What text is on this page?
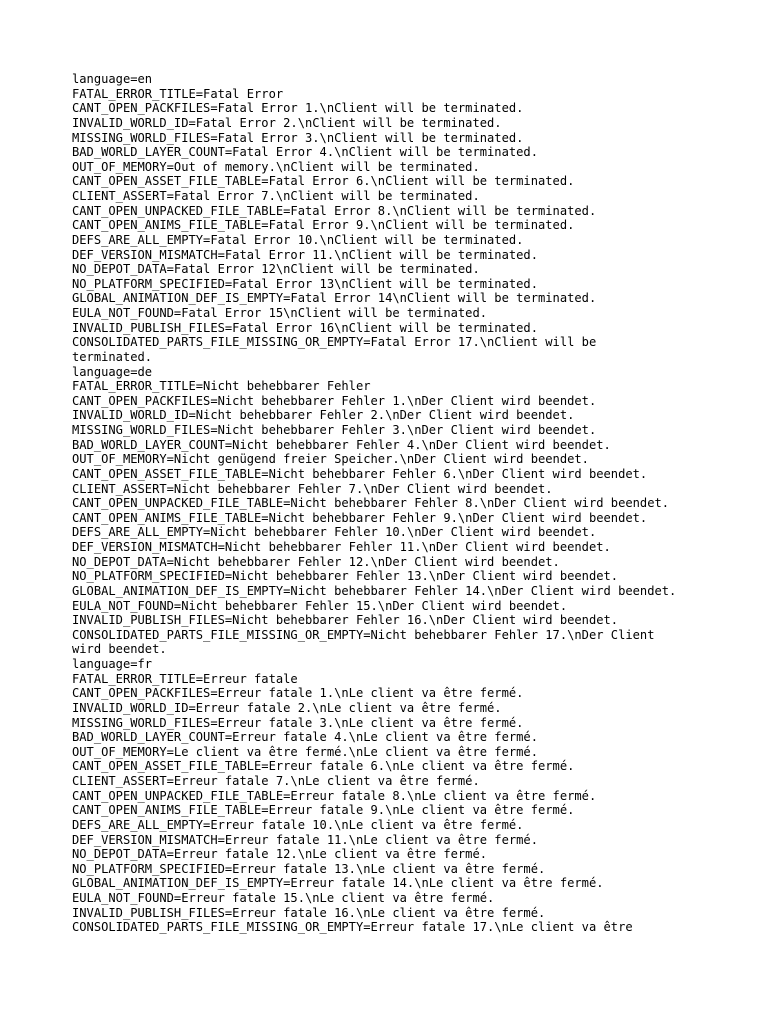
language=en
FATAL_ERROR_TITLE=Fatal Error
CANT_OPEN_PACKFILES=Fatal Error 1.\nClient will be terminated.
INVALID_WORLD_ID=Fatal Error 2.\nClient will be terminated.
MISSING_WORLD_FILES=Fatal Error 3.\nClient will be terminated.
BAD_WORLD_LAYER_COUNT=Fatal Error 4.\nClient will be terminated.
OUT_OF_MEMORY=Out of memory.\nClient will be terminated.
CANT_OPEN_ASSET_FILE_TABLE=Fatal Error 6.\nClient will be terminated.
CLIENT_ASSERT=Fatal Error 7.\nClient will be terminated.
CANT_OPEN_UNPACKED_FILE_TABLE=Fatal Error 8.\nClient will be terminated.
CANT_OPEN_ANIMS_FILE_TABLE=Fatal Error 9.\nClient will be terminated.
DEFS_ARE_ALL_EMPTY=Fatal Error 10.\nClient will be terminated.
DEF_VERSION_MISMATCH=Fatal Error 11.\nClient will be terminated.
NO_DEPOT_DATA=Fatal Error 12\nClient will be terminated.
NO_PLATFORM_SPECIFIED=Fatal Error 13\nClient will be terminated.
GLOBAL_ANIMATION_DEF_IS_EMPTY=Fatal Error 14\nClient will be terminated.
EULA_NOT_FOUND=Fatal Error 15\nClient will be terminated.
INVALID_PUBLISH_FILES=Fatal Error 16\nClient will be terminated.
CONSOLIDATED_PARTS_FILE_MISSING_OR_EMPTY=Fatal Error 17.\nClient will be
terminated.
language=de
FATAL_ERROR_TITLE=Nicht behebbarer Fehler
CANT_OPEN_PACKFILES=Nicht behebbarer Fehler 1.\nDer Client wird beendet.
INVALID_WORLD_ID=Nicht behebbarer Fehler 2.\nDer Client wird beendet.
MISSING_WORLD_FILES=Nicht behebbarer Fehler 3.\nDer Client wird beendet.
BAD_WORLD_LAYER_COUNT=Nicht behebbarer Fehler 4.\nDer Client wird beendet.
OUT_OF_MEMORY=Nicht genügend freier Speicher.\nDer Client wird beendet.
CANT_OPEN_ASSET_FILE_TABLE=Nicht behebbarer Fehler 6.\nDer Client wird beendet.
CLIENT_ASSERT=Nicht behebbarer Fehler 7.\nDer Client wird beendet.
CANT_OPEN_UNPACKED_FILE_TABLE=Nicht behebbarer Fehler 8.\nDer Client wird beendet.
CANT_OPEN_ANIMS_FILE_TABLE=Nicht behebbarer Fehler 9.\nDer Client wird beendet.
DEFS_ARE_ALL_EMPTY=Nicht behebbarer Fehler 10.\nDer Client wird beendet.
DEF_VERSION_MISMATCH=Nicht behebbarer Fehler 11.\nDer Client wird beendet.
NO_DEPOT_DATA=Nicht behebbarer Fehler 12.\nDer Client wird beendet.
NO_PLATFORM_SPECIFIED=Nicht behebbarer Fehler 13.\nDer Client wird beendet.
GLOBAL_ANIMATION_DEF_IS_EMPTY=Nicht behebbarer Fehler 14.\nDer Client wird beendet.
EULA_NOT_FOUND=Nicht behebbarer Fehler 15.\nDer Client wird beendet.
INVALID_PUBLISH_FILES=Nicht behebbarer Fehler 16.\nDer Client wird beendet.
CONSOLIDATED_PARTS_FILE_MISSING_OR_EMPTY=Nicht behebbarer Fehler 17.\nDer Client
wird beendet.
language=fr
FATAL_ERROR_TITLE=Erreur fatale
CANT_OPEN_PACKFILES=Erreur fatale 1.\nLe client va être fermé.
INVALID_WORLD_ID=Erreur fatale 2.\nLe client va être fermé.
MISSING_WORLD_FILES=Erreur fatale 3.\nLe client va être fermé.
BAD_WORLD_LAYER_COUNT=Erreur fatale 4.\nLe client va être fermé.
OUT_OF_MEMORY=Le client va être fermé.\nLe client va être fermé.
CANT_OPEN_ASSET_FILE_TABLE=Erreur fatale 6.\nLe client va être fermé.
CLIENT_ASSERT=Erreur fatale 7.\nLe client va être fermé.
CANT_OPEN_UNPACKED_FILE_TABLE=Erreur fatale 8.\nLe client va être fermé.
CANT_OPEN_ANIMS_FILE_TABLE=Erreur fatale 9.\nLe client va être fermé.
DEFS_ARE_ALL_EMPTY=Erreur fatale 10.\nLe client va être fermé.
DEF_VERSION_MISMATCH=Erreur fatale 11.\nLe client va être fermé.
NO_DEPOT_DATA=Erreur fatale 12.\nLe client va être fermé.
NO_PLATFORM_SPECIFIED=Erreur fatale 13.\nLe client va être fermé.
GLOBAL_ANIMATION_DEF_IS_EMPTY=Erreur fatale 14.\nLe client va être fermé.
EULA_NOT_FOUND=Erreur fatale 15.\nLe client va être fermé.
INVALID_PUBLISH_FILES=Erreur fatale 16.\nLe client va être fermé.
CONSOLIDATED_PARTS_FILE_MISSING_OR_EMPTY=Erreur fatale 17.\nLe client va être
